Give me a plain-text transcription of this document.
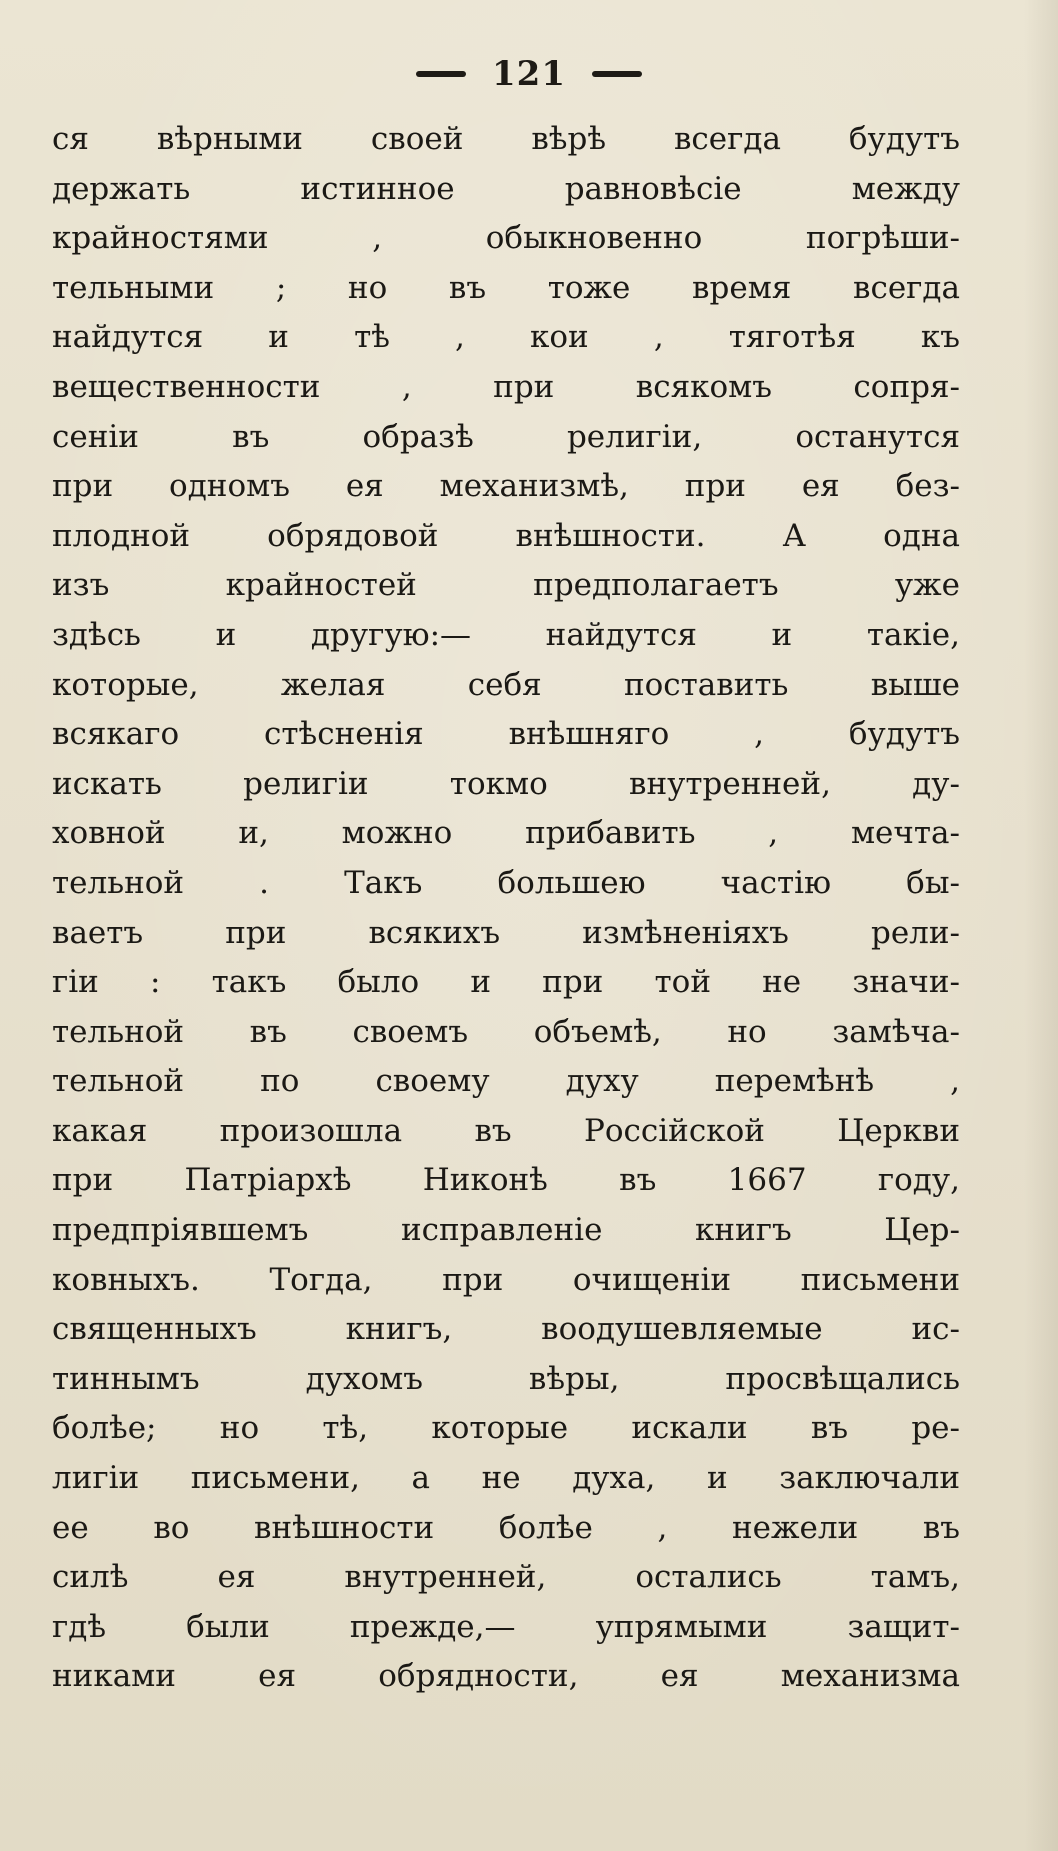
121
ся вѣрными своей вѣрѣ всегда будутъ
держать истинное равновѣсіе между
крайностями , обыкновенно погрѣши-
тельными ; но въ тоже время всегда
найдутся и тѣ , кои , тяготѣя къ
вещественности , при всякомъ сопря-
сеніи въ образѣ религіи, останутся
при одномъ ея механизмѣ, при ея без-
плодной обрядовой внѣшности. А одна
изъ крайностей предполагаетъ уже
здѣсь и другую:— найдутся и такіе,
которые, желая себя поставить выше
всякаго стѣсненія внѣшняго , будутъ
искать религіи токмо внутренней, ду-
ховной и, можно прибавить , мечта-
тельной . Такъ большею частію бы-
ваетъ при всякихъ измѣненіяхъ рели-
гіи : такъ было и при той не значи-
тельной въ своемъ объемѣ, но замѣча-
тельной по своему духу перемѣнѣ ,
какая произошла въ Россійской Церкви
при Патріархѣ Никонѣ въ 1667 году,
предпріявшемъ исправленіе книгъ Цер-
ковныхъ. Тогда, при очищеніи письмени
священныхъ книгъ, воодушевляемые ис-
тиннымъ духомъ вѣры, просвѣщались
болѣе; но тѣ, которые искали въ ре-
лигіи письмени, а не духа, и заключали
ее во внѣшности болѣе , нежели въ
силѣ ея внутренней, остались тамъ,
гдѣ были прежде,— упрямыми защит-
никами ея обрядности, ея механизма
